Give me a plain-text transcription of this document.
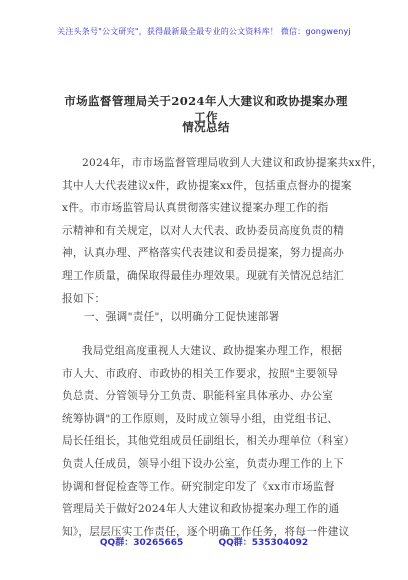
关注头条号"公文研究"，获得最新最全最专业的公文资料库！ 微信：gongwenyj
市场监督管理局关于2024年人大建议和政协提案办理工作
情况总结
2024年，市市场监督管理局收到人大建议和政协提案共xx件，
其中人大代表建议x件，政协提案xx件，包括重点督办的提案
x件。市市场监管局认真贯彻落实建议提案办理工作的指
示精神和有关规定，以对人大代表、政协委员高度负责的精
神，认真办理、严格落实代表建议和委员提案，努力提高办
理工作质量，确保取得最佳办理效果。现就有关情况总结汇
报如下：
一、强调"责任"，以明确分工促快速部署
我局党组高度重视人大建议、政协提案办理工作，根据
市人大、市政府、市政协的相关工作要求，按照"主要领导
负总责、分管领导分工负责、职能科室具体承办、办公室
统筹协调"的工作原则，及时成立领导小组，由党组书记、
局长任组长，其他党组成员任副组长，相关办理单位（科室）
负责人任成员，领导小组下设办公室，负责办理工作的上下
协调和督促检查等工作。研究制定印发了《xx市市场监督
管理局关于做好2024年人大建议和政协提案办理工作的通
知》，层层压实工作责任，逐个明确工作任务，将每一件建议
QQ群：30265665	QQ群：535304092
